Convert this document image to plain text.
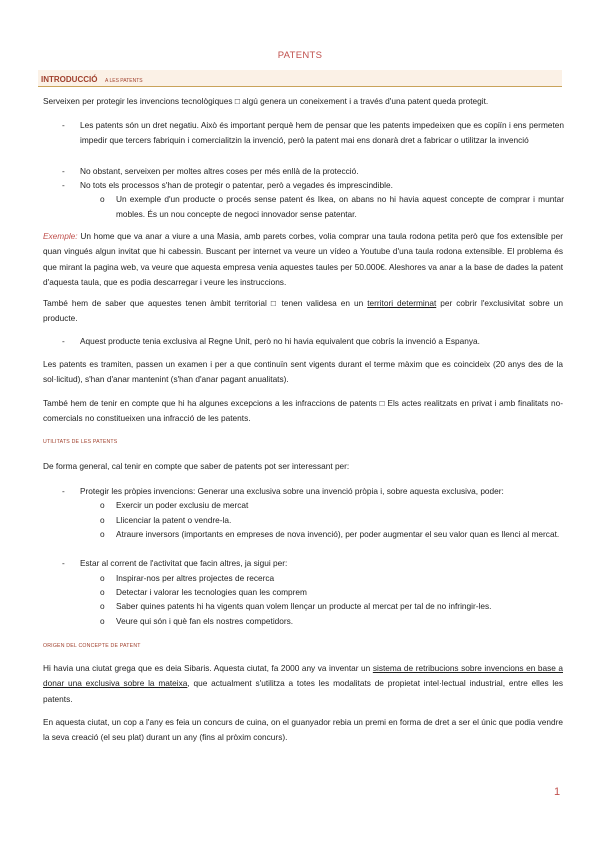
PATENTS
INTRODUCCIÓ A LES PATENTS
Serveixen per protegir les invencions tecnològiques □ algú genera un coneixement i a través d'una patent queda protegit.
- Les patents són un dret negatiu. Això és important perquè hem de pensar que les patents impedeixen que es copiïn i ens permeten impedir que tercers fabriquin i comercialitzin la invenció, però la patent mai ens donarà dret a fabricar o utilitzar la invenció
- No obstant, serveixen per moltes altres coses per més enllà de la protecció.
- No tots els processos s'han de protegir o patentar, però a vegades és imprescindible.
o Un exemple d'un producte o procés sense patent és Ikea, on abans no hi havia aquest concepte de comprar i muntar mobles. És un nou concepte de negoci innovador sense patentar.
Exemple: Un home que va anar a viure a una Masia, amb parets corbes, volia comprar una taula rodona petita però que fos extensible per quan vingués algun invitat que hi cabessin. Buscant per internet va veure un vídeo a Youtube d'una taula rodona extensible. El problema és que mirant la pagina web, va veure que aquesta empresa venia aquestes taules per 50.000€. Aleshores va anar a la base de dades la patent d'aquesta taula, que es podia descarregar i veure les instruccions.
També hem de saber que aquestes tenen àmbit territorial □ tenen validesa en un territori determinat per cobrir l'exclusivitat sobre un producte.
- Aquest producte tenia exclusiva al Regne Unit, però no hi havia equivalent que cobrís la invenció a Espanya.
Les patents es tramiten, passen un examen i per a que continuïn sent vigents durant el terme màxim que es coincideix (20 anys des de la sol·licitud), s'han d'anar mantenint (s'han d'anar pagant anualitats).
També hem de tenir en compte que hi ha algunes excepcions a les infraccions de patents □ Els actes realitzats en privat i amb finalitats no-comercials no constitueixen una infracció de les patents.
UTILITATS DE LES PATENTS
De forma general, cal tenir en compte que saber de patents pot ser interessant per:
- Protegir les pròpies invencions: Generar una exclusiva sobre una invenció pròpia i, sobre aquesta exclusiva, poder:
o Exercir un poder exclusiu de mercat
o Llicenciar la patent o vendre-la.
o Atraure inversors (importants en empreses de nova invenció), per poder augmentar el seu valor quan es llenci al mercat.
- Estar al corrent de l'activitat que facin altres, ja sigui per:
o Inspirar-nos per altres projectes de recerca
o Detectar i valorar les tecnologies quan les comprem
o Saber quines patents hi ha vigents quan volem llençar un producte al mercat per tal de no infringir-les.
o Veure qui són i què fan els nostres competidors.
ORIGEN DEL CONCEPTE DE PATENT
Hi havia una ciutat grega que es deia Sibaris. Aquesta ciutat, fa 2000 any va inventar un sistema de retribucions sobre invencions en base a donar una exclusiva sobre la mateixa, que actualment s'utilitza a totes les modalitats de propietat intel·lectual industrial, entre elles les patents.
En aquesta ciutat, un cop a l'any es feia un concurs de cuina, on el guanyador rebia un premi en forma de dret a ser el únic que podia vendre la seva creació (el seu plat) durant un any (fins al pròxim concurs).
1
